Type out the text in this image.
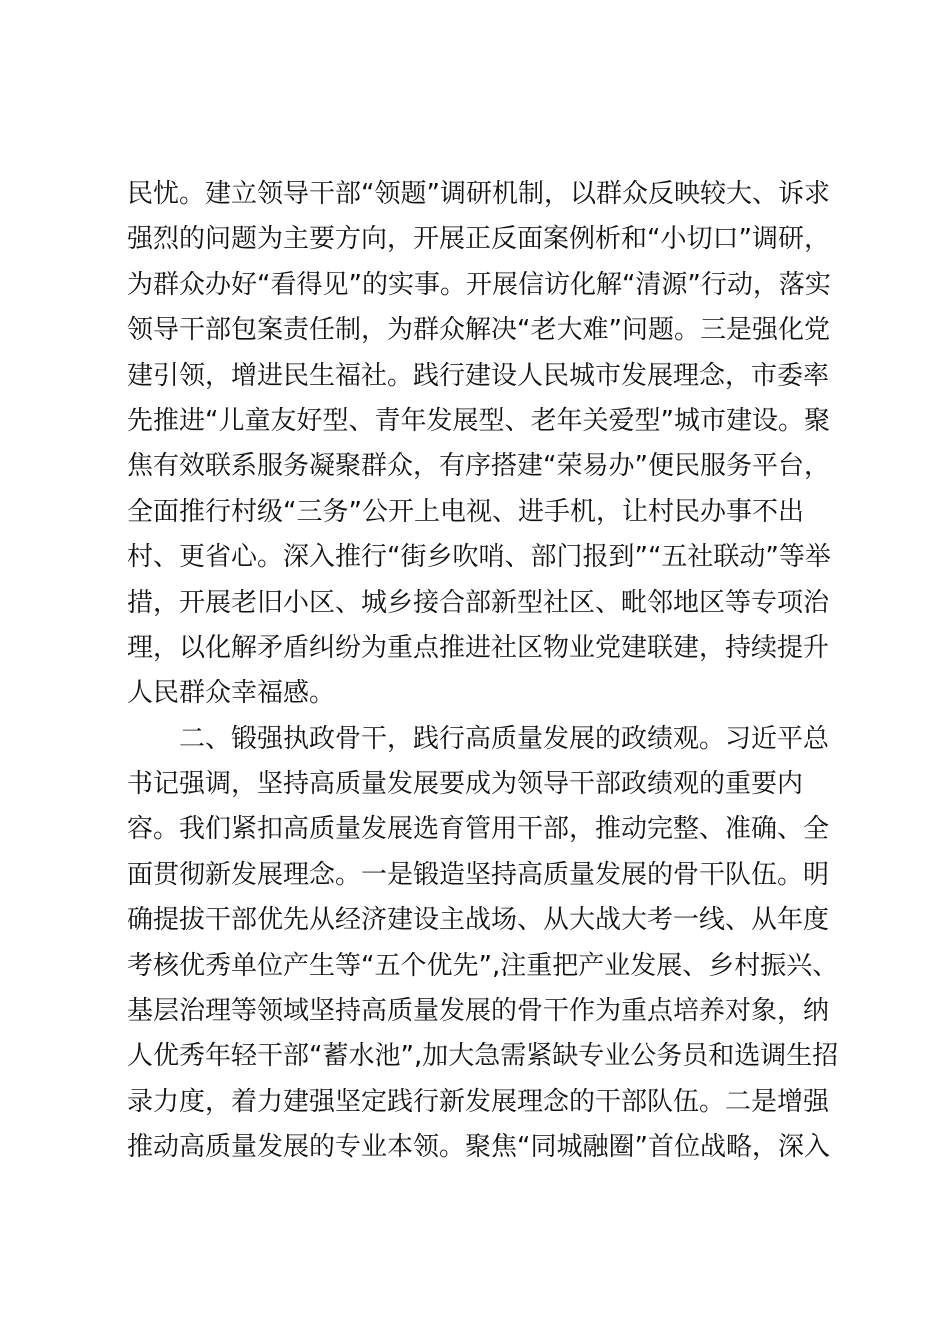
民忧。建立领导干部“领题”调研机制，以群众反映较大、诉求
强烈的问题为主要方向，开展正反面案例析和“小切口”调研，
为群众办好“看得见”的实事。开展信访化解“清源”行动，落实
领导干部包案责任制，为群众解决“老大难”问题。三是强化党
建引领，增进民生福社。践行建设人民城市发展理念，市委率
先推进“儿童友好型、青年发展型、老年关爱型”城市建设。聚
焦有效联系服务凝聚群众，有序搭建“荣易办”便民服务平台，
全面推行村级“三务”公开上电视、进手机，让村民办事不出
村、更省心。深入推行“街乡吹哨、部门报到”“五社联动”等举
措，开展老旧小区、城乡接合部新型社区、毗邻地区等专项治
理，以化解矛盾纠纷为重点推进社区物业党建联建，持续提升
人民群众幸福感。
二、锻强执政骨干，践行高质量发展的政绩观。习近平总
书记强调，坚持高质量发展要成为领导干部政绩观的重要内
容。我们紧扣高质量发展选育管用干部，推动完整、准确、全
面贯彻新发展理念。一是锻造坚持高质量发展的骨干队伍。明
确提拔干部优先从经济建设主战场、从大战大考一线、从年度
考核优秀单位产生等“五个优先”,注重把产业发展、乡村振兴、
基层治理等领域坚持高质量发展的骨干作为重点培养对象，纳
人优秀年轻干部“蓄水池”,加大急需紧缺专业公务员和选调生招
录力度，着力建强坚定践行新发展理念的干部队伍。二是增强
推动高质量发展的专业本领。聚焦“同城融圈”首位战略，深入
